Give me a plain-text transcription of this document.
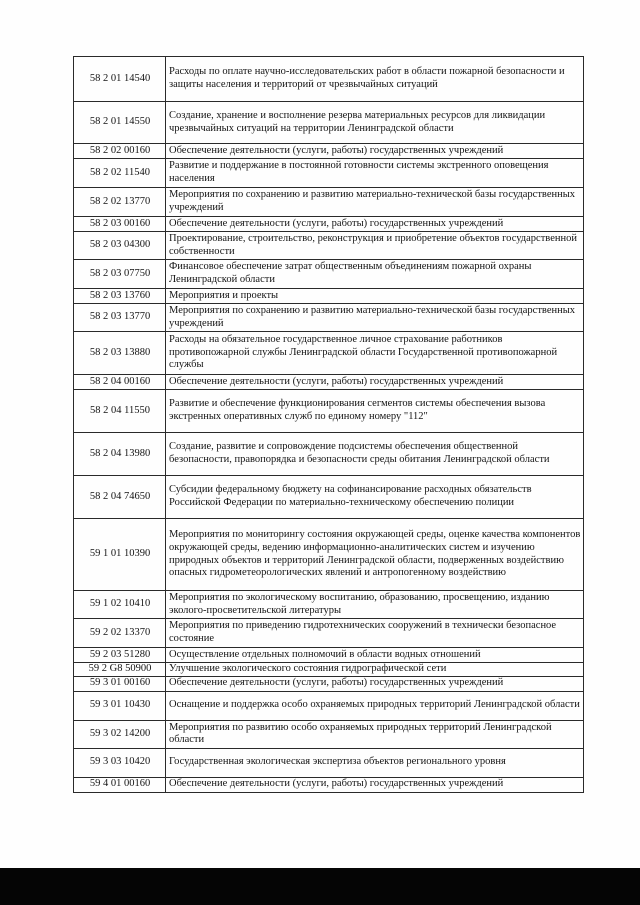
58 2 01 14540	Расходы по оплате научно-исследовательских работ в области пожарной безопасности и защиты населения и территорий от чрезвычайных ситуаций
58 2 01 14550	Создание, хранение и восполнение резерва материальных ресурсов для ликвидации чрезвычайных ситуаций на территории Ленинградской области
58 2 02 00160	Обеспечение деятельности (услуги, работы) государственных учреждений
58 2 02 11540	Развитие и поддержание в постоянной готовности системы экстренного оповещения населения
58 2 02 13770	Мероприятия по сохранению и развитию материально-технической базы государственных учреждений
58 2 03 00160	Обеспечение деятельности (услуги, работы) государственных учреждений
58 2 03 04300	Проектирование, строительство, реконструкция и приобретение объектов государственной собственности
58 2 03 07750	Финансовое обеспечение затрат общественным объединениям пожарной охраны Ленинградской области
58 2 03 13760	Мероприятия и проекты
58 2 03 13770	Мероприятия по сохранению и развитию материально-технической базы государственных учреждений
58 2 03 13880	Расходы на обязательное государственное личное страхование работников противопожарной службы Ленинградской области Государственной противопожарной службы
58 2 04 00160	Обеспечение деятельности (услуги, работы) государственных учреждений
58 2 04 11550	Развитие и обеспечение функционирования сегментов системы обеспечения вызова экстренных оперативных служб по единому номеру "112"
58 2 04 13980	Создание, развитие и сопровождение подсистемы обеспечения общественной безопасности, правопорядка и безопасности среды обитания Ленинградской области
58 2 04 74650	Субсидии федеральному бюджету на софинансирование расходных обязательств Российской Федерации по материально-техническому обеспечению полиции
59 1 01 10390	Мероприятия по мониторингу состояния окружающей среды, оценке качества компонентов окружающей среды, ведению информационно-аналитических систем и изучению природных объектов и территорий Ленинградской области, подверженных воздействию опасных гидрометеорологических явлений и антропогенному воздействию
59 1 02 10410	Мероприятия по экологическому воспитанию, образованию, просвещению, изданию эколого-просветительской литературы
59 2 02 13370	Мероприятия по приведению гидротехнических сооружений в технически безопасное состояние
59 2 03 51280	Осуществление отдельных полномочий в области водных отношений
59 2 G8 50900	Улучшение экологического состояния гидрографической сети
59 3 01 00160	Обеспечение деятельности (услуги, работы) государственных учреждений
59 3 01 10430	Оснащение и поддержка особо охраняемых природных территорий Ленинградской области
59 3 02 14200	Мероприятия по развитию особо охраняемых природных территорий Ленинградской области
59 3 03 10420	Государственная экологическая экспертиза объектов регионального уровня
59 4 01 00160	Обеспечение деятельности (услуги, работы) государственных учреждений
